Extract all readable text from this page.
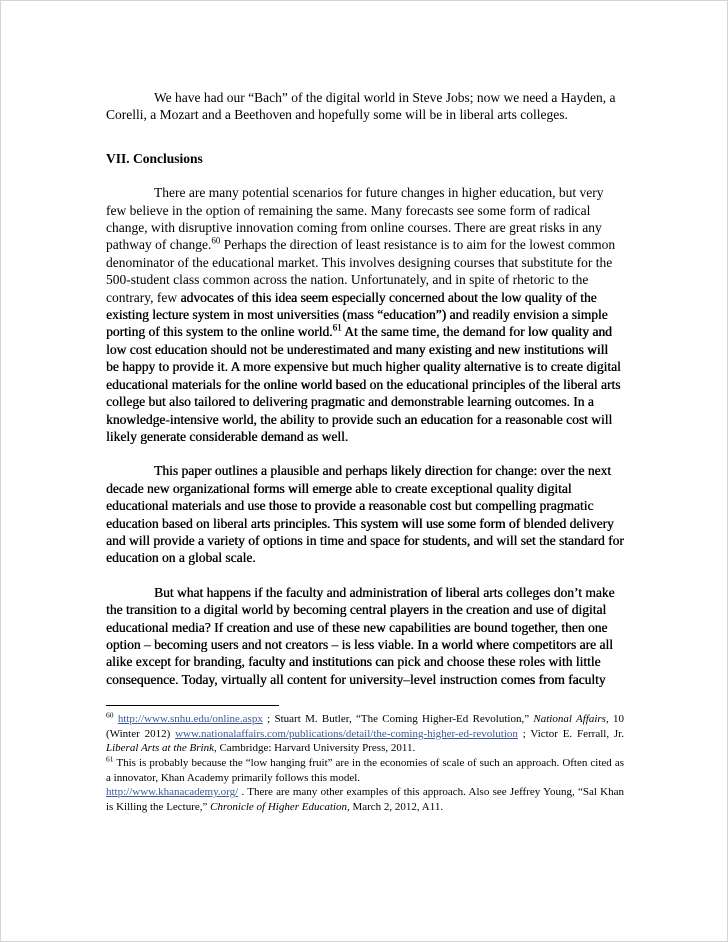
We have had our “Bach” of the digital world in Steve Jobs; now we need a Hayden, a Corelli, a Mozart and a Beethoven and hopefully some will be in liberal arts colleges.

VII. Conclusions

There are many potential scenarios for future changes in higher education, but very few believe in the option of remaining the same. Many forecasts see some form of radical change, with disruptive innovation coming from online courses. There are great risks in any pathway of change.$^{60}$ Perhaps the direction of least resistance is to aim for the lowest common denominator of the educational market. This involves designing courses that substitute for the 500-student class common across the nation. Unfortunately, and in spite of rhetoric to the contrary, few advocates of this idea seem especially concerned about the low quality of the existing lecture system in most universities (mass “education”) and readily envision a simple porting of this system to the online world.$^{61}$ At the same time, the demand for low quality and low cost education should not be underestimated and many existing and new institutions will be happy to provide it. A more expensive but much higher quality alternative is to create digital educational materials for the online world based on the educational principles of the liberal arts college but also tailored to delivering pragmatic and demonstrable learning outcomes. In a knowledge-intensive world, the ability to provide such an education for a reasonable cost will likely generate considerable demand as well.

This paper outlines a plausible and perhaps likely direction for change: over the next decade new organizational forms will emerge able to create exceptional quality digital educational materials and use those to provide a reasonable cost but compelling pragmatic education based on liberal arts principles. This system will use some form of blended delivery and will provide a variety of options in time and space for students, and will set the standard for education on a global scale.

But what happens if the faculty and administration of liberal arts colleges don’t make the transition to a digital world by becoming central players in the creation and use of digital educational media? If creation and use of these new capabilities are bound together, then one option – becoming users and not creators – is less viable. In a world where competitors are all alike except for branding, faculty and institutions can pick and choose these roles with little consequence. Today, virtually all content for university–level instruction comes from faculty

$^{60}$ http://www.snhu.edu/online.aspx ; Stuart M. Butler, “The Coming Higher-Ed Revolution,” National Affairs, 10 (Winter 2012) www.nationalaffairs.com/publications/detail/the-coming-higher-ed-revolution ; Victor E. Ferrall, Jr. Liberal Arts at the Brink, Cambridge: Harvard University Press, 2011.

$^{61}$ This is probably because the “low hanging fruit” are in the economies of scale of such an approach. Often cited as a innovator, Khan Academy primarily follows this model.
http://www.khanacademy.org/ . There are many other examples of this approach. Also see Jeffrey Young, “Sal Khan is Killing the Lecture,” Chronicle of Higher Education, March 2, 2012, A11.
